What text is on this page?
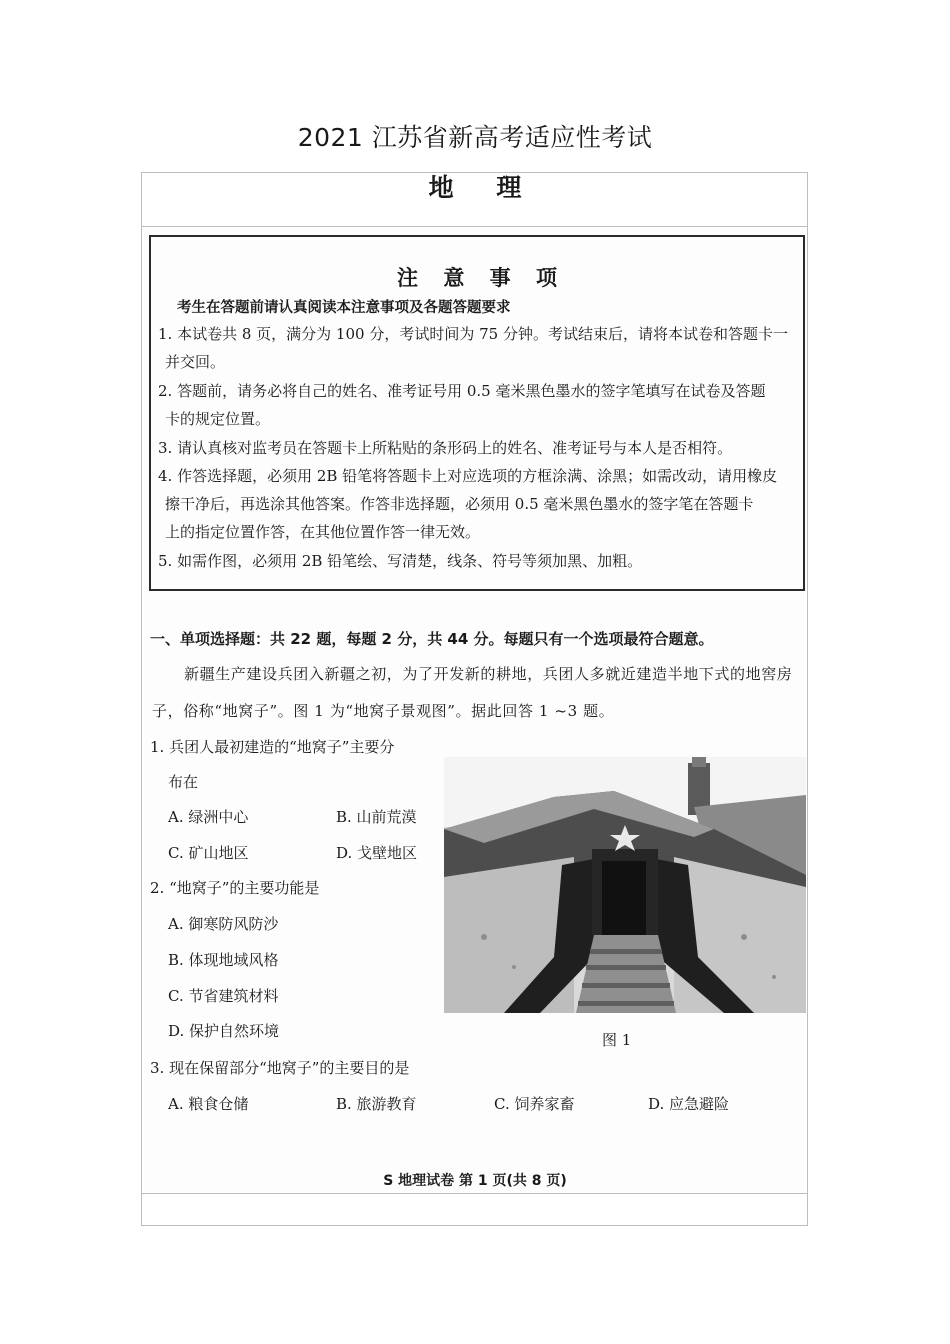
2021 江苏省新高考适应性考试
地 理
注 意 事 项
考生在答题前请认真阅读本注意事项及各题答题要求
1. 本试卷共 8 页，满分为 100 分，考试时间为 75 分钟。考试结束后，请将本试卷和答题卡一
并交回。
2. 答题前，请务必将自己的姓名、准考证号用 0.5 毫米黑色墨水的签字笔填写在试卷及答题
卡的规定位置。
3. 请认真核对监考员在答题卡上所粘贴的条形码上的姓名、准考证号与本人是否相符。
4. 作答选择题，必须用 2B 铅笔将答题卡上对应选项的方框涂满、涂黑；如需改动，请用橡皮
擦干净后，再选涂其他答案。作答非选择题，必须用 0.5 毫米黑色墨水的签字笔在答题卡
上的指定位置作答，在其他位置作答一律无效。
5. 如需作图，必须用 2B 铅笔绘、写清楚，线条、符号等须加黑、加粗。
一、单项选择题：共 22 题，每题 2 分，共 44 分。每题只有一个选项最符合题意。
新疆生产建设兵团入新疆之初，为了开发新的耕地，兵团人多就近建造半地下式的地窖房
子，俗称“地窝子”。图 1 为“地窝子景观图”。据此回答 1 ~3 题。
1. 兵团人最初建造的“地窝子”主要分
布在
A. 绿洲中心	B. 山前荒漠
C. 矿山地区	D. 戈壁地区
2. “地窝子”的主要功能是
A. 御寒防风防沙
B. 体现地域风格
C. 节省建筑材料
D. 保护自然环境
3. 现在保留部分“地窝子”的主要目的是
A. 粮食仓储	B. 旅游教育	C. 饲养家畜	D. 应急避险
图 1
S 地理试卷 第 1 页(共 8 页)
